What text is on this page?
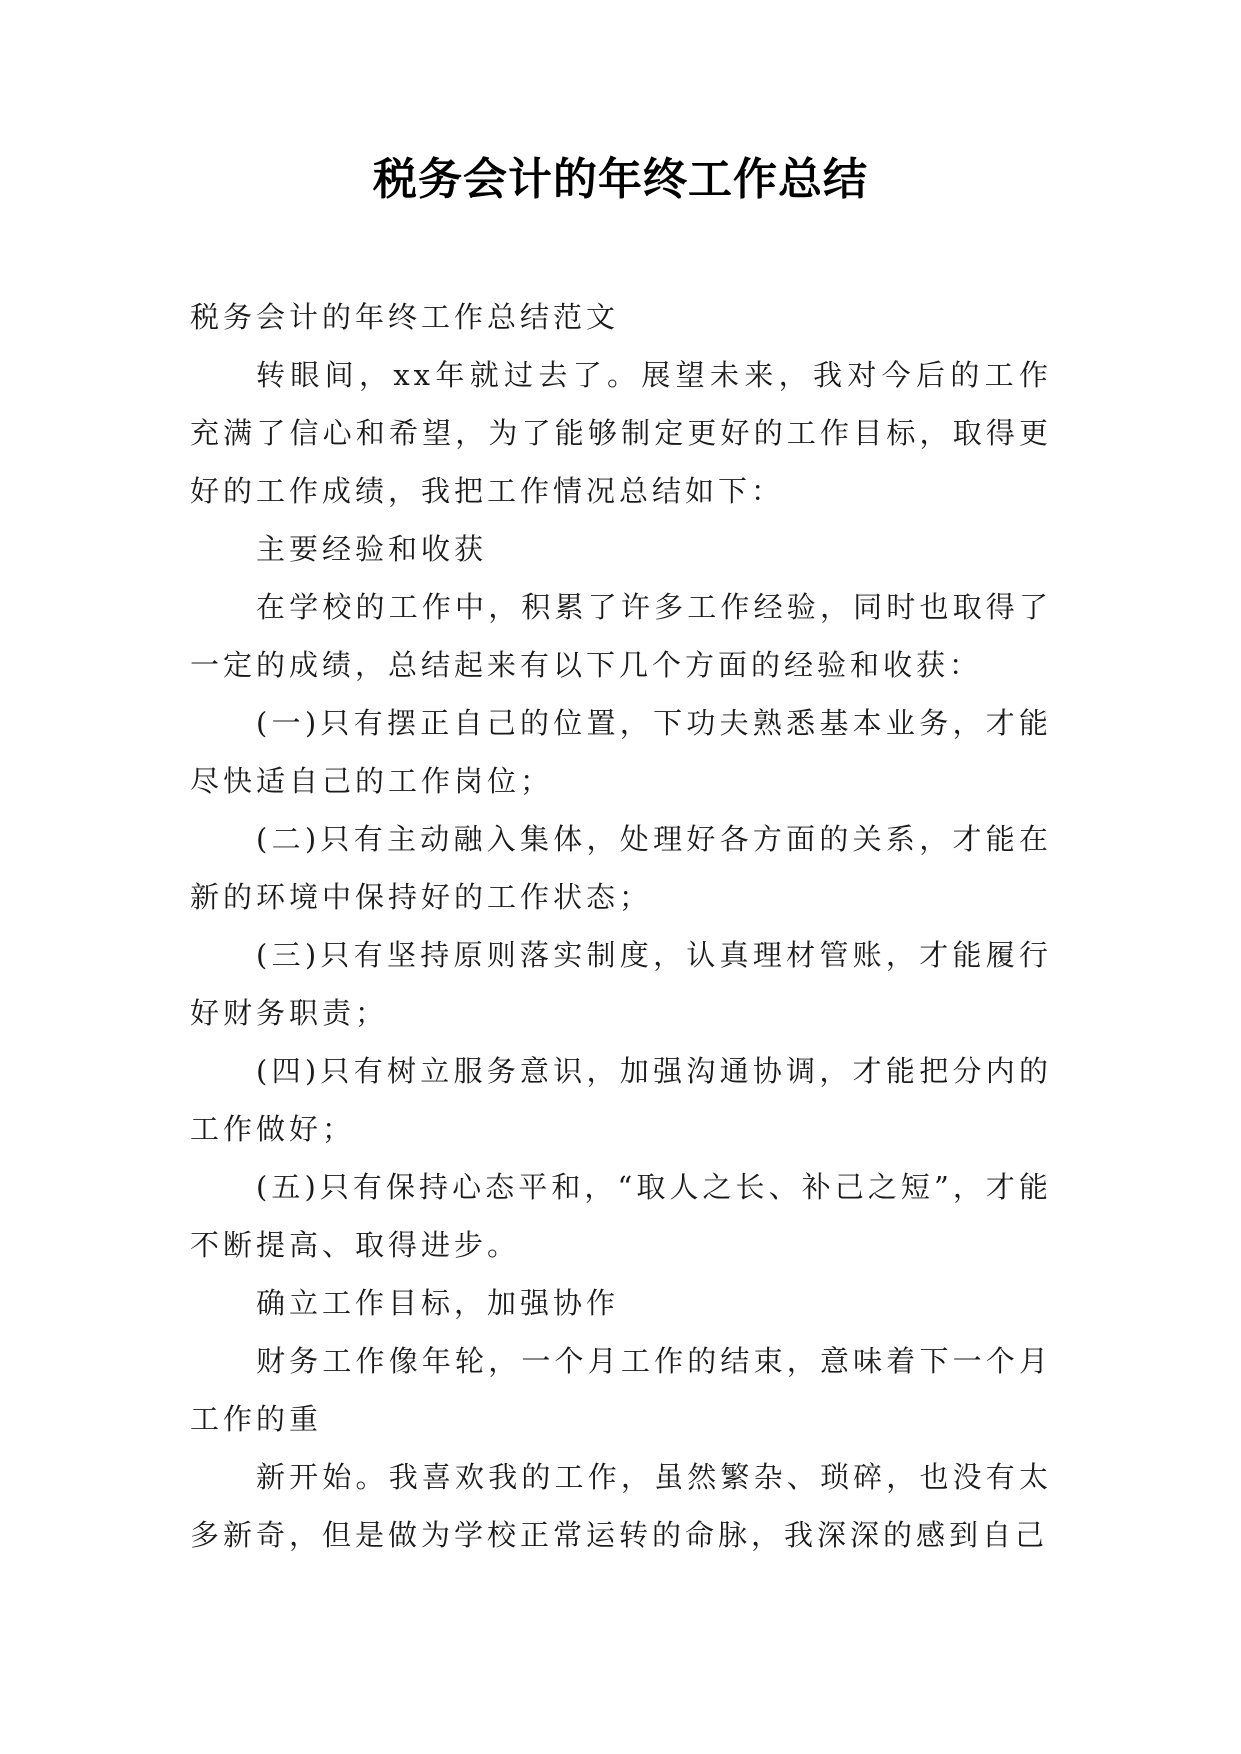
税务会计的年终工作总结

税务会计的年终工作总结范文

转眼间，xx年就过去了。展望未来，我对今后的工作充满了信心和希望，为了能够制定更好的工作目标，取得更好的工作成绩，我把工作情况总结如下：

主要经验和收获

在学校的工作中，积累了许多工作经验，同时也取得了一定的成绩，总结起来有以下几个方面的经验和收获：

(一)只有摆正自己的位置，下功夫熟悉基本业务，才能尽快适自己的工作岗位；

(二)只有主动融入集体，处理好各方面的关系，才能在新的环境中保持好的工作状态；

(三)只有坚持原则落实制度，认真理材管账，才能履行好财务职责；

(四)只有树立服务意识，加强沟通协调，才能把分内的工作做好；

(五)只有保持心态平和，“取人之长、补己之短”，才能不断提高、取得进步。

确立工作目标，加强协作

财务工作像年轮，一个月工作的结束，意味着下一个月工作的重

新开始。我喜欢我的工作，虽然繁杂、琐碎，也没有太多新奇，但是做为学校正常运转的命脉，我深深的感到自己
